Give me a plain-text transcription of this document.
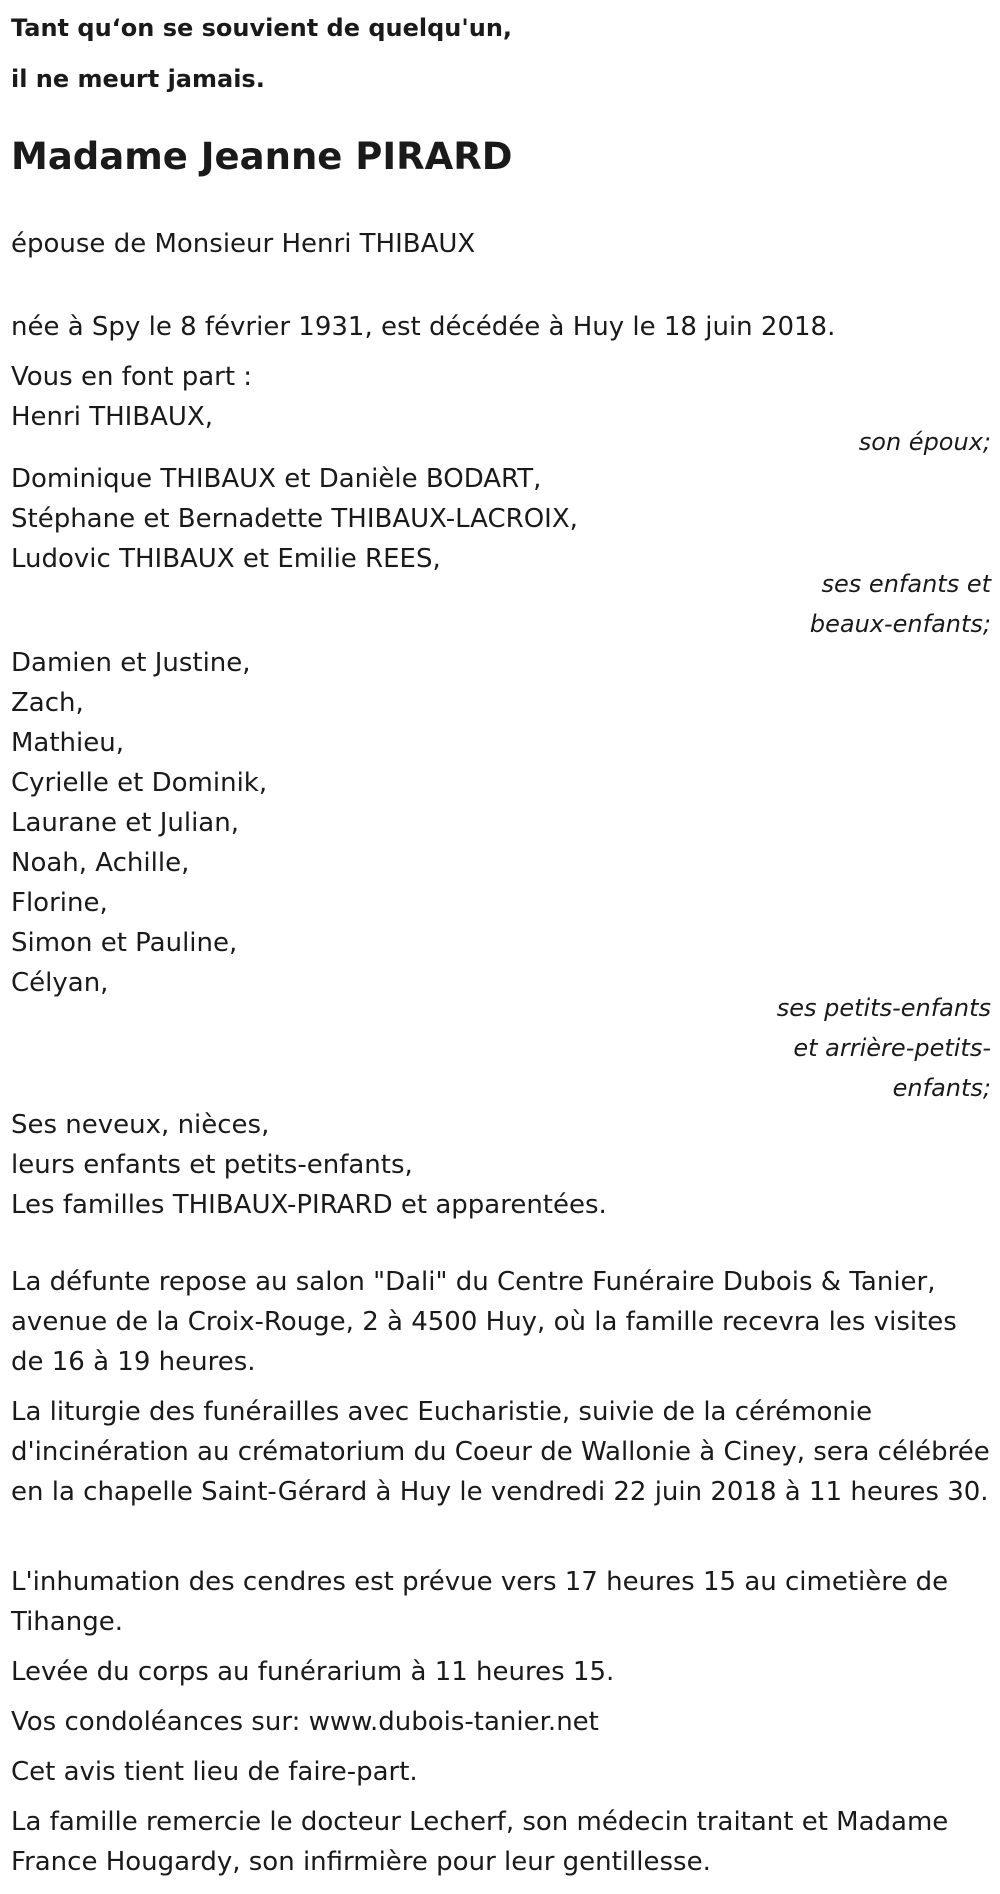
Tant qu‘on se souvient de quelqu'un,
il ne meurt jamais.

Madame Jeanne PIRARD
épouse de Monsieur Henri THIBAUX
née à Spy le 8 février 1931, est décédée à Huy le 18 juin 2018.
Vous en font part :
Henri THIBAUX,
son époux;
Dominique THIBAUX et Danièle BODART,
Stéphane et Bernadette THIBAUX-LACROIX,
Ludovic THIBAUX et Emilie REES,
ses enfants et
beaux-enfants;
Damien et Justine,
Zach,
Mathieu,
Cyrielle et Dominik,
Laurane et Julian,
Noah, Achille,
Florine,
Simon et Pauline,
Célyan,
ses petits-enfants
et arrière-petits-
enfants;
Ses neveux, nièces,
leurs enfants et petits-enfants,
Les familles THIBAUX-PIRARD et apparentées.
La défunte repose au salon "Dali" du Centre Funéraire Dubois & Tanier, avenue de la Croix-Rouge, 2 à 4500 Huy, où la famille recevra les visites de 16 à 19 heures.
La liturgie des funérailles avec Eucharistie, suivie de la cérémonie d'incinération au crématorium du Coeur de Wallonie à Ciney, sera célébrée en la chapelle Saint-Gérard à Huy le vendredi 22 juin 2018 à 11 heures 30.
L'inhumation des cendres est prévue vers 17 heures 15 au cimetière de Tihange.
Levée du corps au funérarium à 11 heures 15.
Vos condoléances sur: www.dubois-tanier.net
Cet avis tient lieu de faire-part.
La famille remercie le docteur Lecherf, son médecin traitant et Madame France Hougardy, son infirmière pour leur gentillesse.
